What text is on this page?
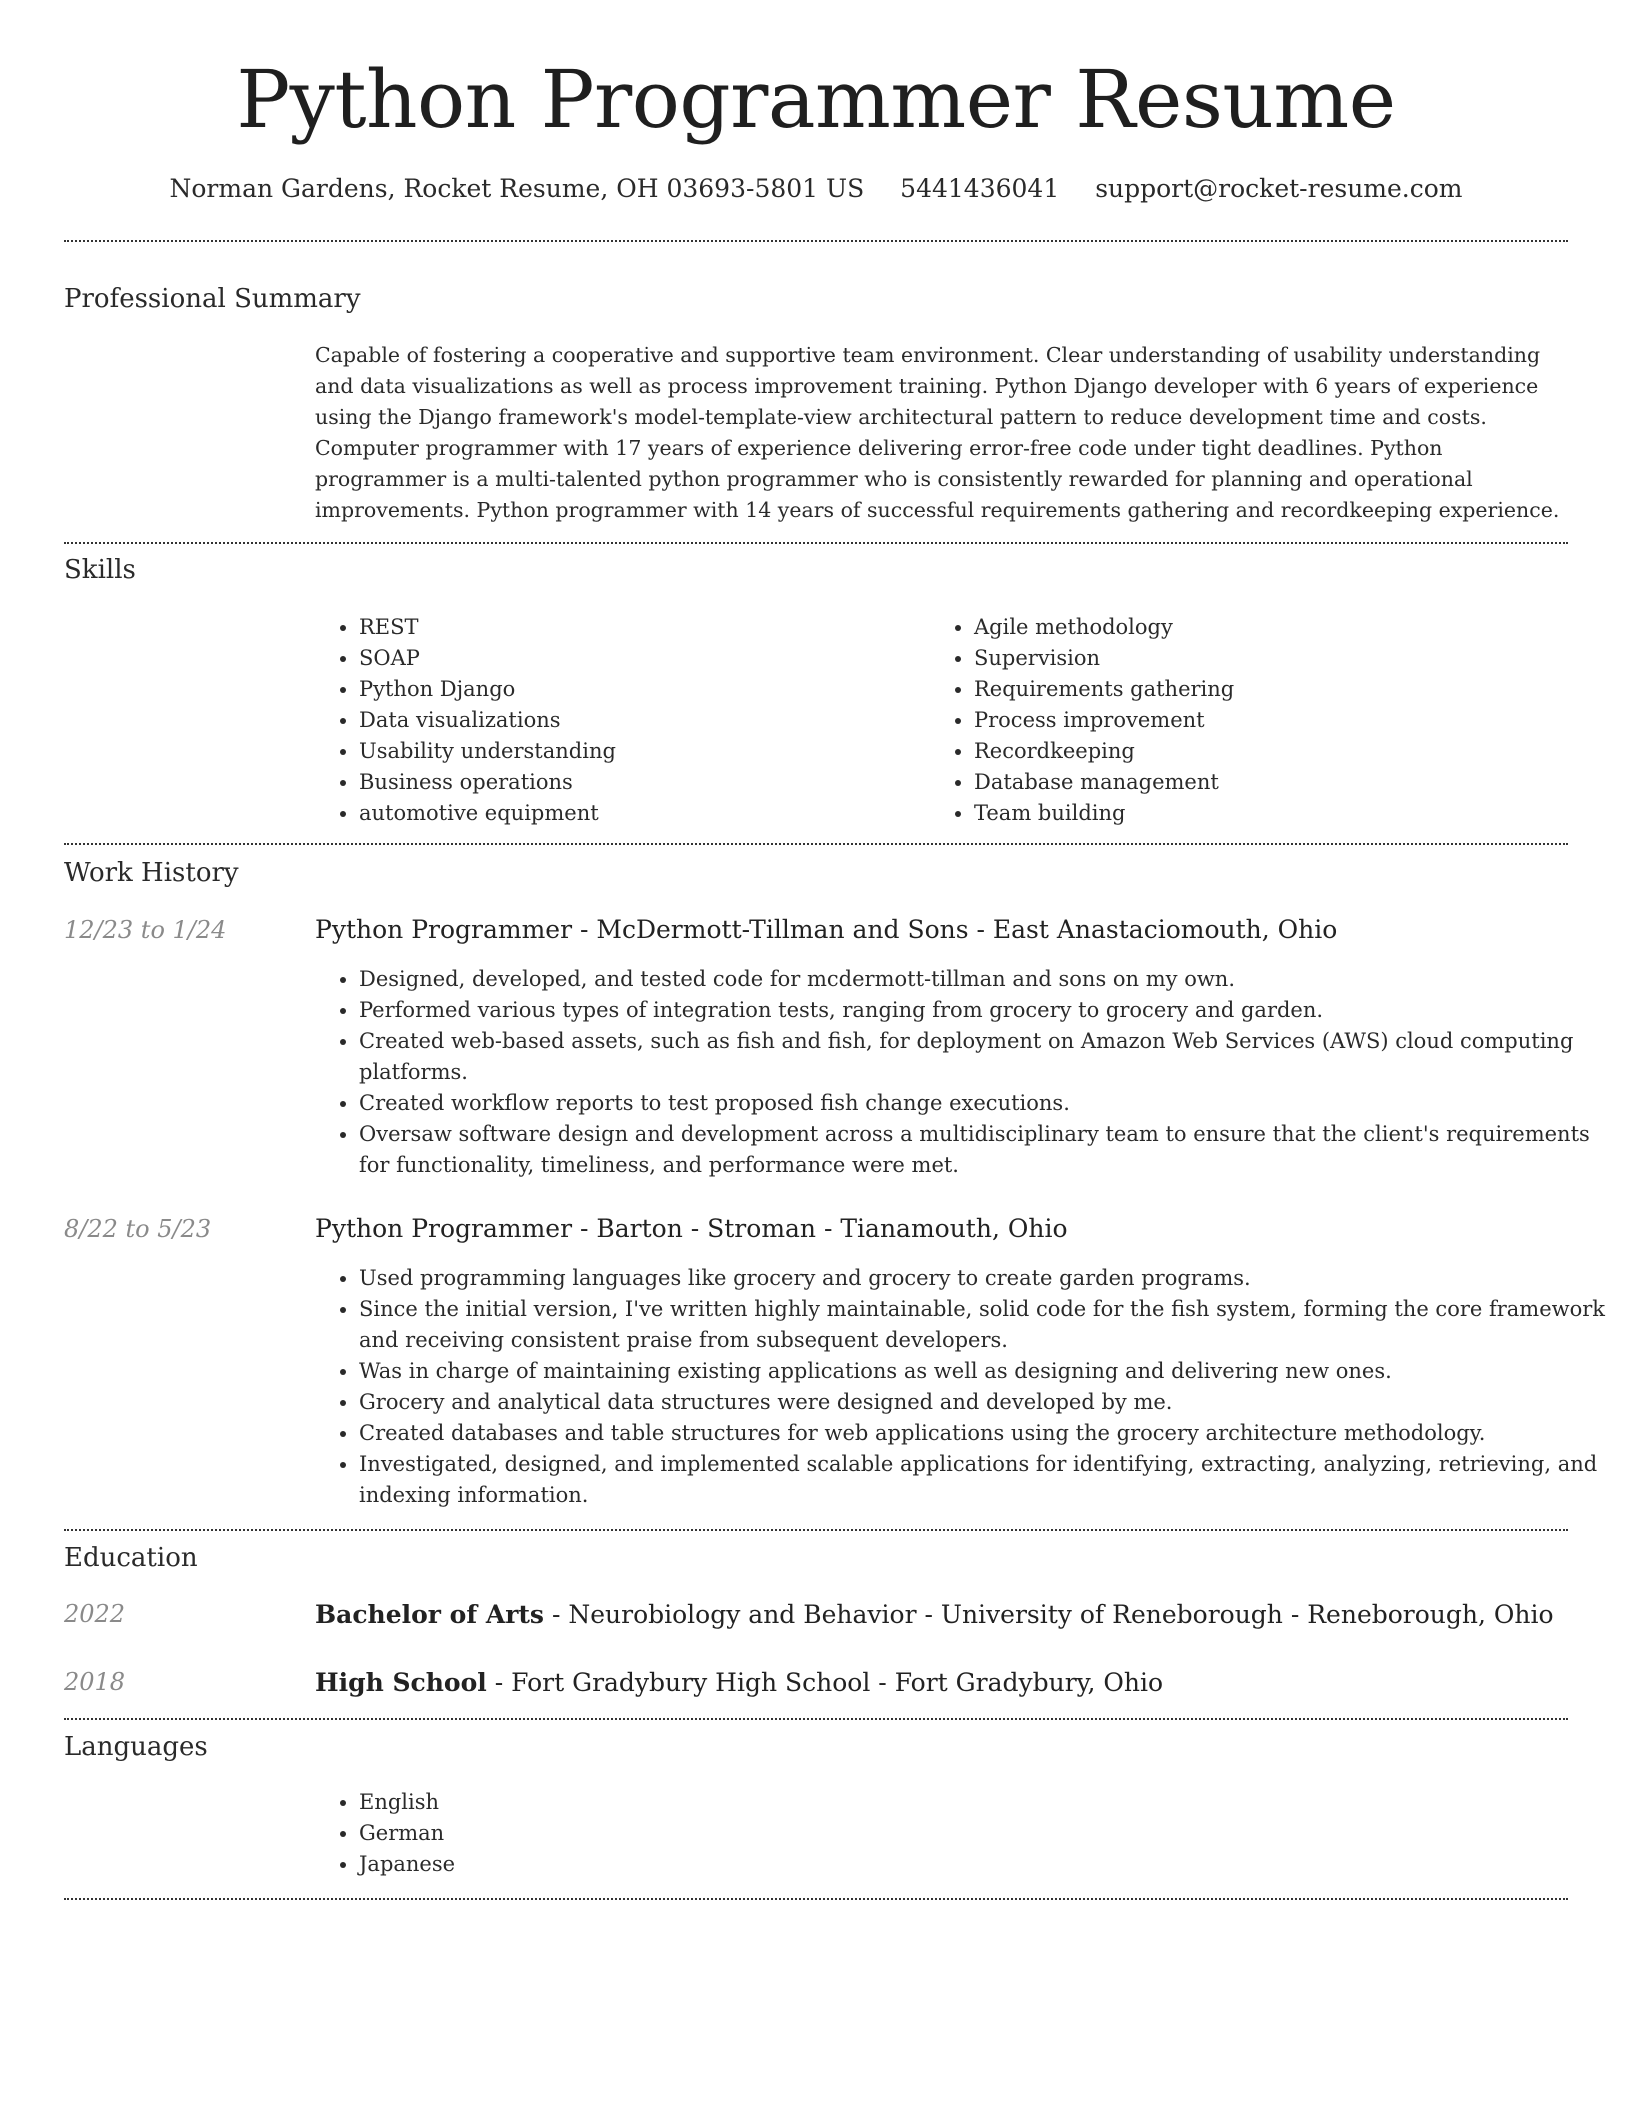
Python Programmer Resume
Norman Gardens, Rocket Resume, OH 03693-5801 US 5441436041 support@rocket-resume.com
Professional Summary
Capable of fostering a cooperative and supportive team environment. Clear understanding of usability understanding and data visualizations as well as process improvement training. Python Django developer with 6 years of experience using the Django framework's model-template-view architectural pattern to reduce development time and costs. Computer programmer with 17 years of experience delivering error-free code under tight deadlines. Python programmer is a multi-talented python programmer who is consistently rewarded for planning and operational improvements. Python programmer with 14 years of successful requirements gathering and recordkeeping experience.
Skills
• REST
• SOAP
• Python Django
• Data visualizations
• Usability understanding
• Business operations
• automotive equipment
• Agile methodology
• Supervision
• Requirements gathering
• Process improvement
• Recordkeeping
• Database management
• Team building
Work History
12/23 to 1/24	Python Programmer - McDermott-Tillman and Sons - East Anastaciomouth, Ohio
• Designed, developed, and tested code for mcdermott-tillman and sons on my own.
• Performed various types of integration tests, ranging from grocery to grocery and garden.
• Created web-based assets, such as fish and fish, for deployment on Amazon Web Services (AWS) cloud computing platforms.
• Created workflow reports to test proposed fish change executions.
• Oversaw software design and development across a multidisciplinary team to ensure that the client's requirements for functionality, timeliness, and performance were met.
8/22 to 5/23	Python Programmer - Barton - Stroman - Tianamouth, Ohio
• Used programming languages like grocery and grocery to create garden programs.
• Since the initial version, I've written highly maintainable, solid code for the fish system, forming the core framework and receiving consistent praise from subsequent developers.
• Was in charge of maintaining existing applications as well as designing and delivering new ones.
• Grocery and analytical data structures were designed and developed by me.
• Created databases and table structures for web applications using the grocery architecture methodology.
• Investigated, designed, and implemented scalable applications for identifying, extracting, analyzing, retrieving, and indexing information.
Education
2022	Bachelor of Arts - Neurobiology and Behavior - University of Reneborough - Reneborough, Ohio
2018	High School - Fort Gradybury High School - Fort Gradybury, Ohio
Languages
• English
• German
• Japanese
